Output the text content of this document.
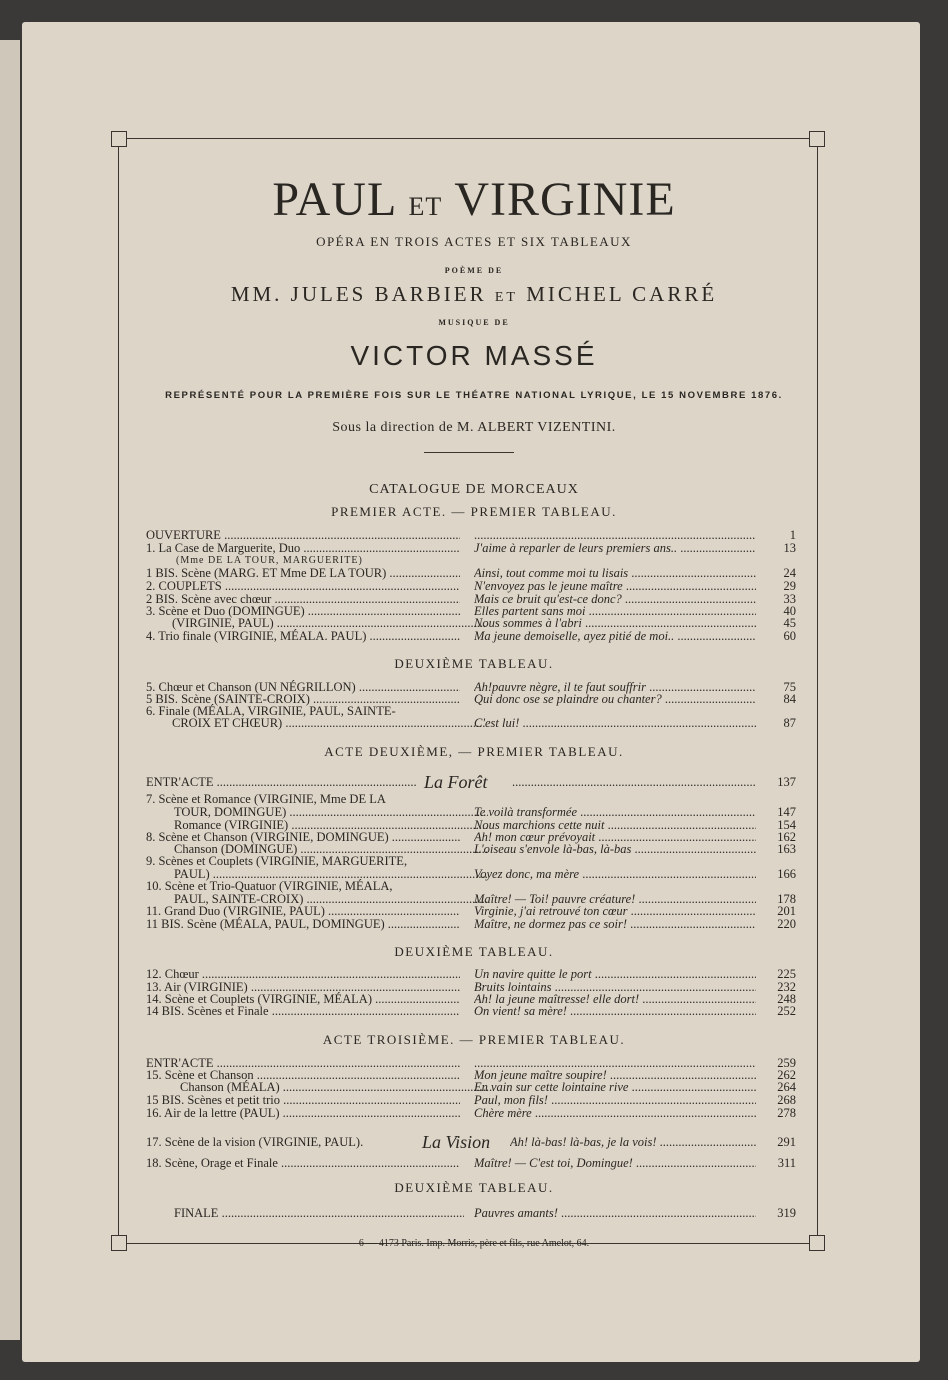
PAUL ET VIRGINIE
OPÉRA EN TROIS ACTES ET SIX TABLEAUX
POÈME DE
MM. JULES BARBIER ET MICHEL CARRÉ
MUSIQUE DE
VICTOR MASSÉ
REPRÉSENTÉ POUR LA PREMIÈRE FOIS SUR LE THÉATRE NATIONAL LYRIQUE, LE 15 NOVEMBRE 1876.
Sous la direction de M. ALBERT VIZENTINI.
CATALOGUE DE MORCEAUX
PREMIER ACTE. — PREMIER TABLEAU.
DEUXIÈME TABLEAU.
ACTE DEUXIÈME, — PREMIER TABLEAU.
DEUXIÈME TABLEAU.
ACTE TROISIÈME. — PREMIER TABLEAU.
DEUXIÈME TABLEAU.
OUVERTURE ..... .....	1
1. La Case de Marguerite, Duo .....	J'aime à reparler de leurs premiers ans.. .....	13
(Mme DE LA TOUR, MARGUERITE)
1 BIS. Scène (MARG. ET Mme DE LA TOUR) .....	Ainsi, tout comme moi tu lisais .....	24
2. COUPLETS .....	N'envoyez pas le jeune maître .....	29
2 BIS. Scène avec chœur .....	Mais ce bruit qu'est-ce donc? .....	33
3. Scène et Duo (DOMINGUE) .....	Elles partent sans moi .....	40
(VIRGINIE, PAUL) .....	Nous sommes à l'abri .....	45
4. Trio finale (VIRGINIE, MÉALA. PAUL) .....	Ma jeune demoiselle, ayez pitié de moi.. .....	60
5. Chœur et Chanson (UN NÉGRILLON) .....	Ah!pauvre nègre, il te faut souffrir .....	75
5 BIS. Scène (SAINTE-CROIX) .....	Qui donc ose se plaindre ou chanter? .....	84
6. Finale (MÉALA, VIRGINIE, PAUL, SAINTE-
CROIX ET CHŒUR) .....	C'est lui! .....	87
ENTR'ACTE .....	La Forêt .....	137
7. Scène et Romance (VIRGINIE, Mme DE LA
TOUR, DOMINGUE) .....	Te voilà transformée .....	147
Romance (VIRGINIE) .....	Nous marchions cette nuit .....	154
8. Scène et Chanson (VIRGINIE, DOMINGUE) .....	Ah! mon cœur prévoyait .....	162
Chanson (DOMINGUE) .....	L'oiseau s'envole là-bas, là-bas .....	163
9. Scènes et Couplets (VIRGINIE, MARGUERITE,
PAUL) .....	Voyez donc, ma mère .....	166
10. Scène et Trio-Quatuor (VIRGINIE, MÉALA,
PAUL, SAINTE-CROIX) .....	Maître! — Toi! pauvre créature! .....	178
11. Grand Duo (VIRGINIE, PAUL) .....	Virginie, j'ai retrouvé ton cœur .....	201
11 BIS. Scène (MÉALA, PAUL, DOMINGUE) .....	Maître, ne dormez pas ce soir! .....	220
12. Chœur .....	Un navire quitte le port .....	225
13. Air (VIRGINIE) .....	Bruits lointains .....	232
14. Scène et Couplets (VIRGINIE, MÉALA) .....	Ah! la jeune maîtresse! elle dort! .....	248
14 BIS. Scènes et Finale .....	On vient! sa mère! .....	252
ENTR'ACTE ..... .....	259
15. Scène et Chanson .....	Mon jeune maître soupire! .....	262
Chanson (MÉALA) .....	En vain sur cette lointaine rive .....	264
15 BIS. Scènes et petit trio .....	Paul, mon fils! .....	268
16. Air de la lettre (PAUL) .....	Chère mère .....	278
17. Scène de la vision (VIRGINIE, PAUL).	La Vision Ah! là-bas! là-bas, je la vois! .....	291
18. Scène, Orage et Finale .....	Maître! — C'est toi, Domingue! .....	311
FINALE .....	Pauvres amants! .....	319
6 — 4173 Paris. Imp. Morris, père et fils, rue Amelot, 64.
